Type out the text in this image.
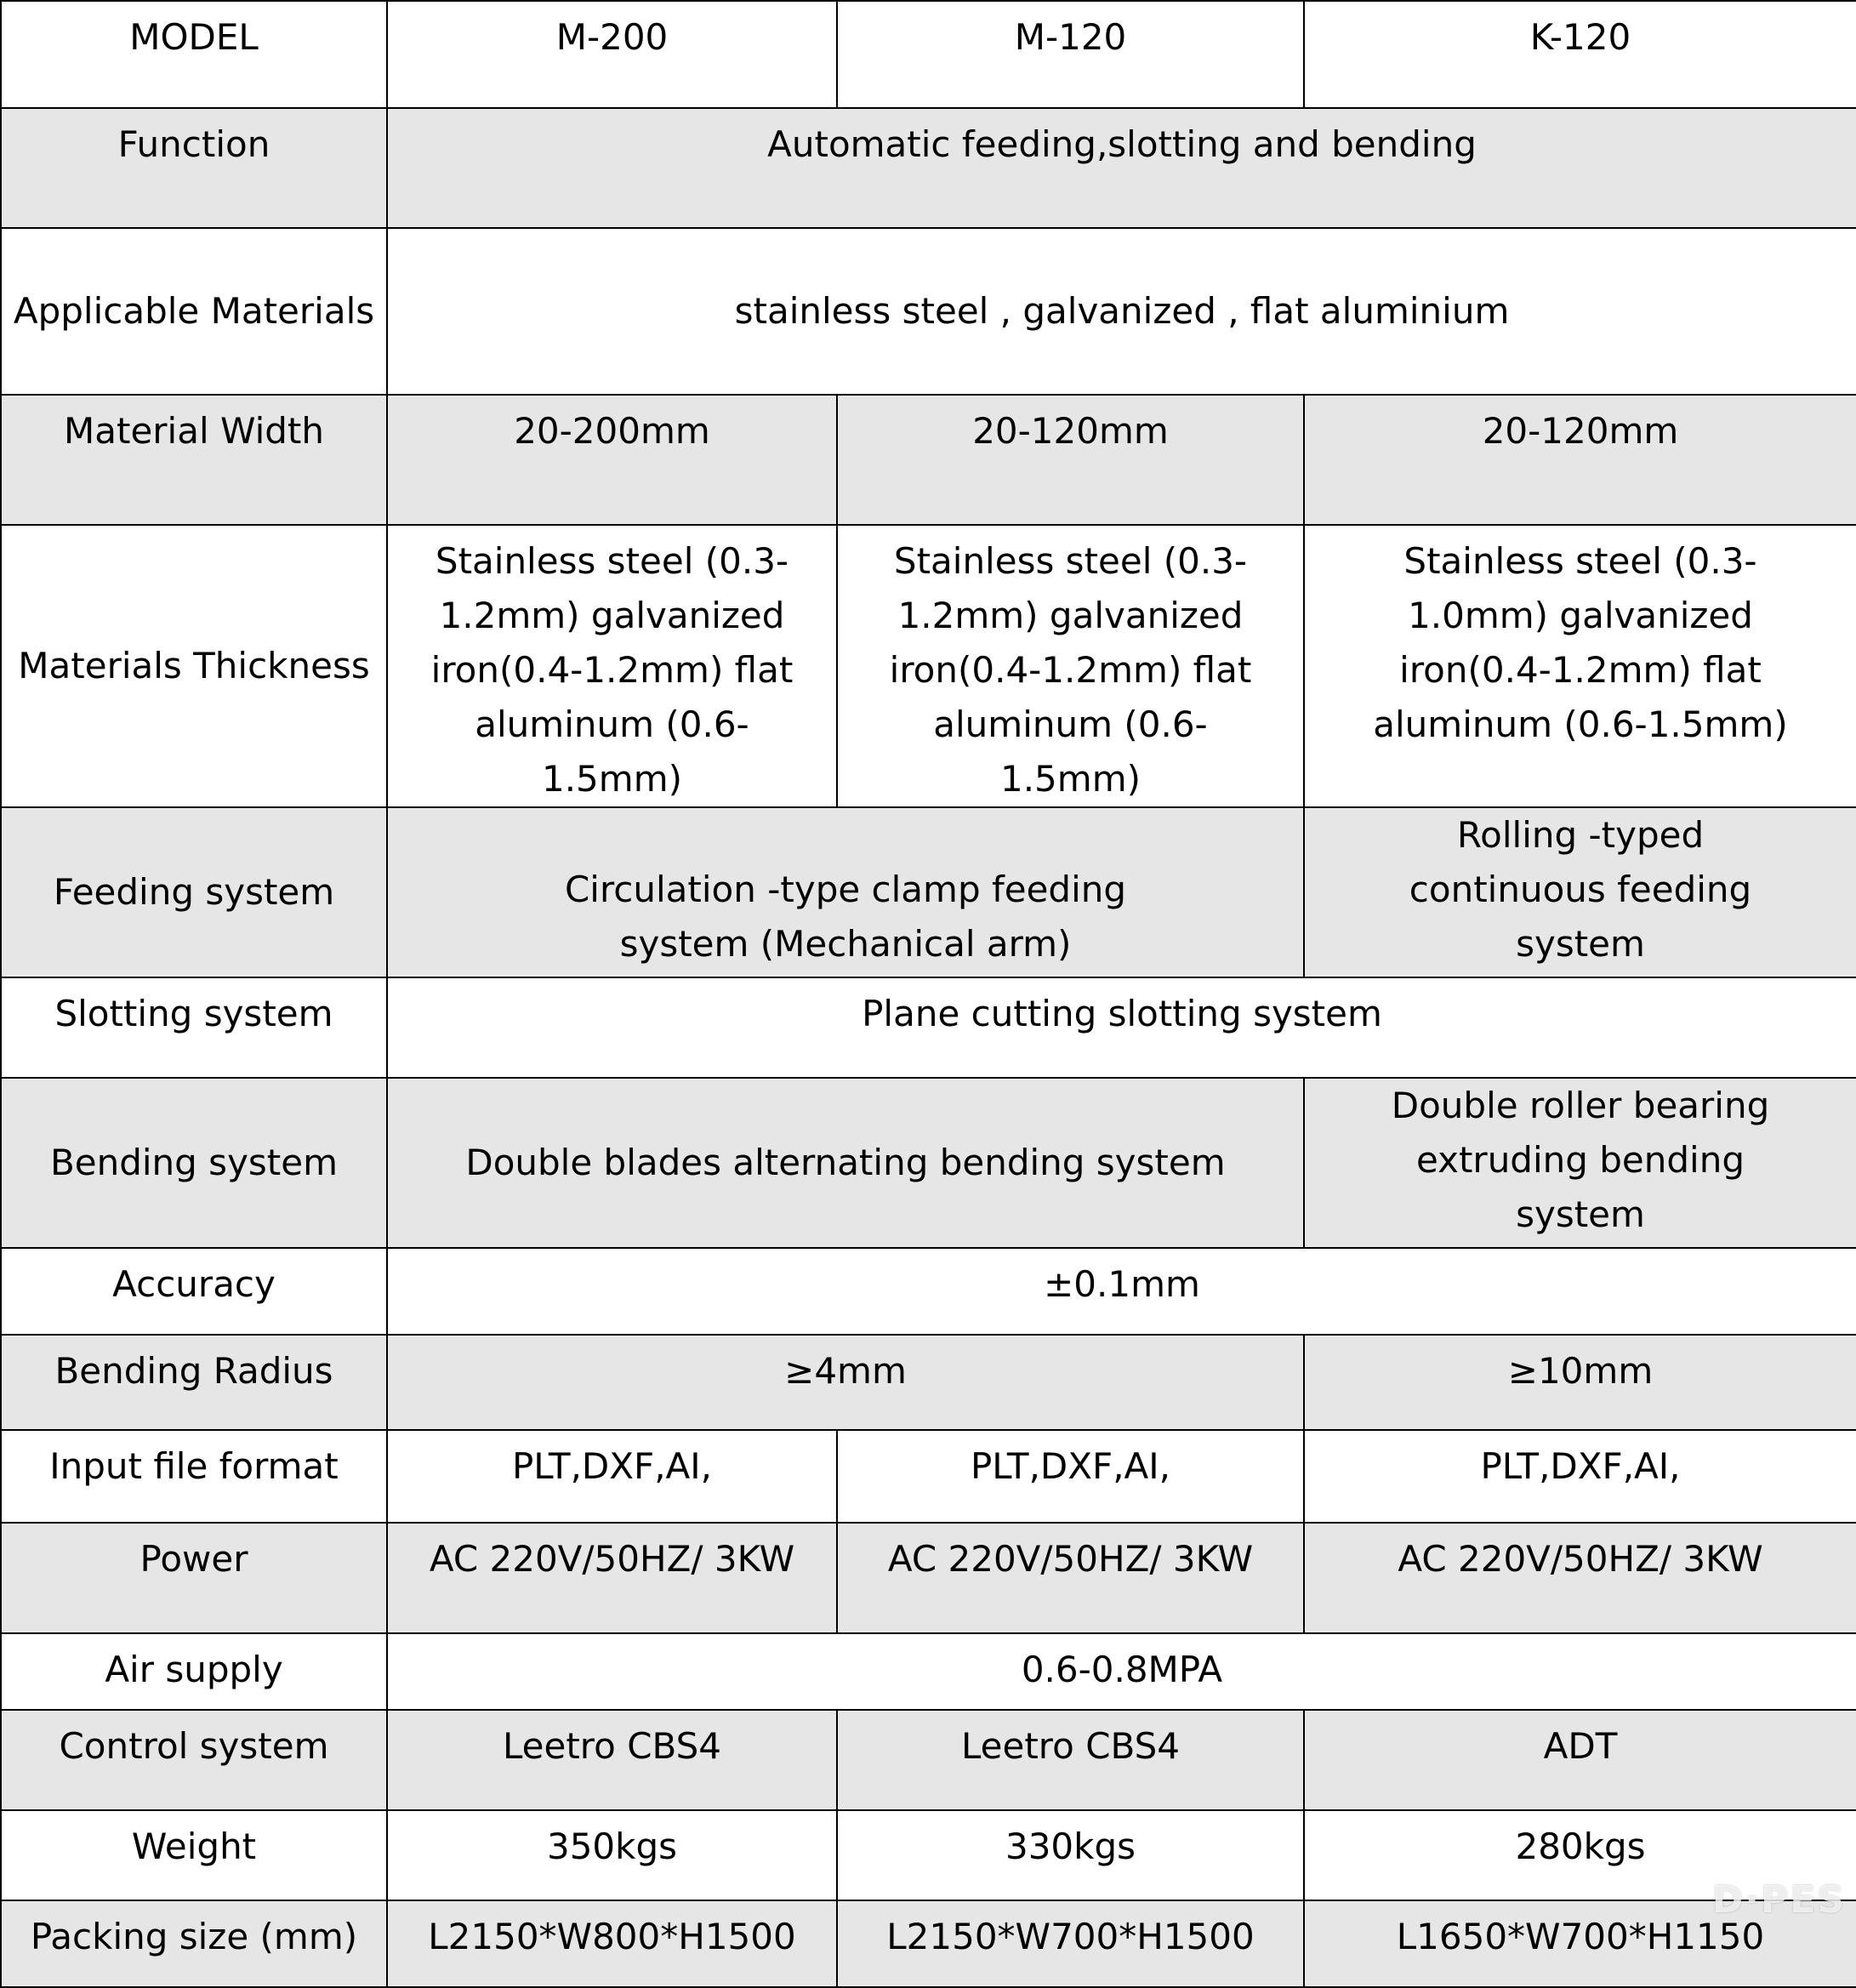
MODEL	M-200	M-120	K-120
Function	Automatic feeding,slotting and bending		
Applicable Materials	stainless steel , galvanized , flat aluminium		
Material Width	20-200mm	20-120mm	20-120mm
Materials Thickness	Stainless steel (0.3-1.2mm) galvanized iron(0.4-1.2mm) flat aluminum (0.6-1.5mm)	Stainless steel (0.3-1.2mm) galvanized iron(0.4-1.2mm) flat aluminum (0.6-1.5mm)	Stainless steel (0.3-1.0mm) galvanized iron(0.4-1.2mm) flat aluminum (0.6-1.5mm)
Feeding system	Circulation -type clamp feeding system (Mechanical arm)		Rolling -typed continuous feeding system
Slotting system	Plane cutting slotting system		
Bending system	Double blades alternating bending system		Double roller bearing extruding bending system
Accuracy	±0.1mm		
Bending Radius	≥4mm		≥10mm
Input file format	PLT,DXF,AI,	PLT,DXF,AI,	PLT,DXF,AI,
Power	AC 220V/50HZ/ 3KW	AC 220V/50HZ/ 3KW	AC 220V/50HZ/ 3KW
Air supply	0.6-0.8MPA		
Control system	Leetro CBS4	Leetro CBS4	ADT
Weight	350kgs	330kgs	280kgs
Packing size (mm)	L2150*W800*H1500	L2150*W700*H1500	L1650*W700*H1150
D·PES
